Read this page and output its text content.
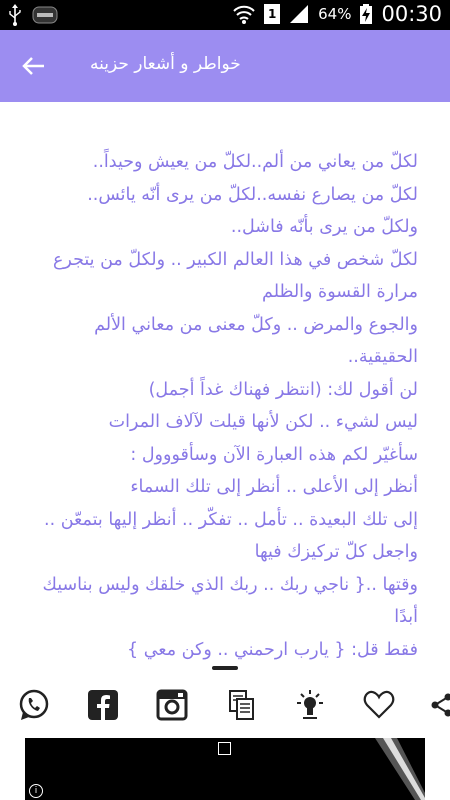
1	64% 00:30
خواطر و أشعار حزينه
لكلّ من يعاني من ألم..لكلّ من يعيش وحيداً..
لكلّ من يصارع نفسه..لكلّ من يرى أنّه يائس..
ولكلّ من يرى بأنّه فاشل..
لكلّ شخص في هذا العالم الكبير .. ولكلّ من يتجرع
مرارة القسوة والظلم
والجوع والمرض .. وكلّ معنى من معاني الألم
الحقيقية..
لن أقول لك: (انتظر فهناك غداً أجمل)
ليس لشيء .. لكن لأنها قيلت لآلاف المرات
سأغيّر لكم هذه العبارة الآن وسأقووول :
أنظر إلى الأعلى .. أنظر إلى تلك السماء
إلى تلك البعيدة .. تأمل .. تفكّر .. أنظر إليها بتمعّن ..
واجعل كلّ تركيزك فيها
وقتها ..{ ناجي ربك .. ربك الذي خلقك وليس بناسيك
أبدًا
فقط قل: { يارب ارحمني .. وكن معي }
i
